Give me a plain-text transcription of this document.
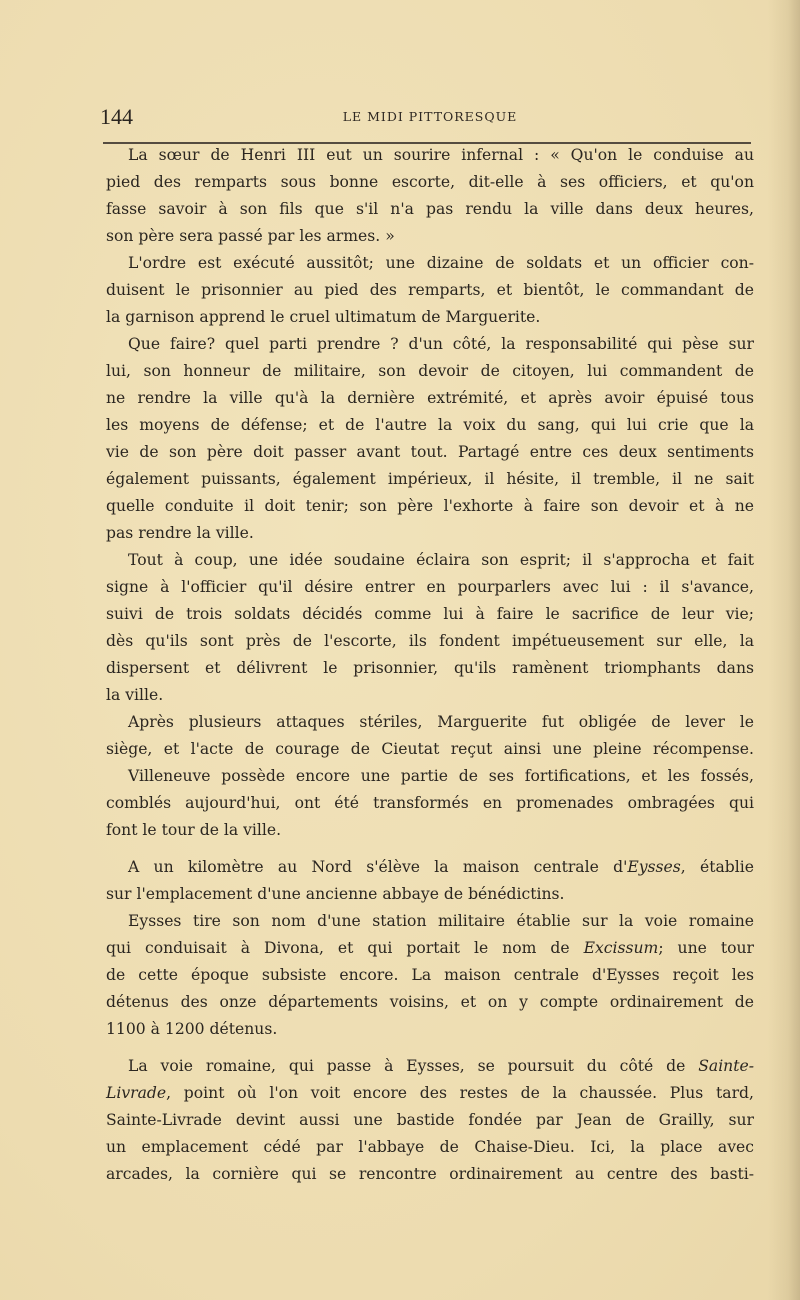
144	LE MIDI PITTORESQUE
La sœur de Henri III eut un sourire infernal : « Qu'on le conduise au
pied des remparts sous bonne escorte, dit-elle à ses officiers, et qu'on
fasse savoir à son fils que s'il n'a pas rendu la ville dans deux heures,
son père sera passé par les armes. »
L'ordre est exécuté aussitôt; une dizaine de soldats et un officier con-
duisent le prisonnier au pied des remparts, et bientôt, le commandant de
la garnison apprend le cruel ultimatum de Marguerite.
Que faire? quel parti prendre ? d'un côté, la responsabilité qui pèse sur
lui, son honneur de militaire, son devoir de citoyen, lui commandent de
ne rendre la ville qu'à la dernière extrémité, et après avoir épuisé tous
les moyens de défense; et de l'autre la voix du sang, qui lui crie que la
vie de son père doit passer avant tout. Partagé entre ces deux sentiments
également puissants, également impérieux, il hésite, il tremble, il ne sait
quelle conduite il doit tenir; son père l'exhorte à faire son devoir et à ne
pas rendre la ville.
Tout à coup, une idée soudaine éclaira son esprit; il s'approcha et fait
signe à l'officier qu'il désire entrer en pourparlers avec lui : il s'avance,
suivi de trois soldats décidés comme lui à faire le sacrifice de leur vie;
dès qu'ils sont près de l'escorte, ils fondent impétueusement sur elle, la
dispersent et délivrent le prisonnier, qu'ils ramènent triomphants dans
la ville.
Après plusieurs attaques stériles, Marguerite fut obligée de lever le
siège, et l'acte de courage de Cieutat reçut ainsi une pleine récompense.
Villeneuve possède encore une partie de ses fortifications, et les fossés,
comblés aujourd'hui, ont été transformés en promenades ombragées qui
font le tour de la ville.
A un kilomètre au Nord s'élève la maison centrale d'Eysses, établie
sur l'emplacement d'une ancienne abbaye de bénédictins.
Eysses tire son nom d'une station militaire établie sur la voie romaine
qui conduisait à Divona, et qui portait le nom de Excissum; une tour
de cette époque subsiste encore. La maison centrale d'Eysses reçoit les
détenus des onze départements voisins, et on y compte ordinairement de
1100 à 1200 détenus.
La voie romaine, qui passe à Eysses, se poursuit du côté de Sainte-
Livrade, point où l'on voit encore des restes de la chaussée. Plus tard,
Sainte-Livrade devint aussi une bastide fondée par Jean de Grailly, sur
un emplacement cédé par l'abbaye de Chaise-Dieu. Ici, la place avec
arcades, la cornière qui se rencontre ordinairement au centre des basti-
